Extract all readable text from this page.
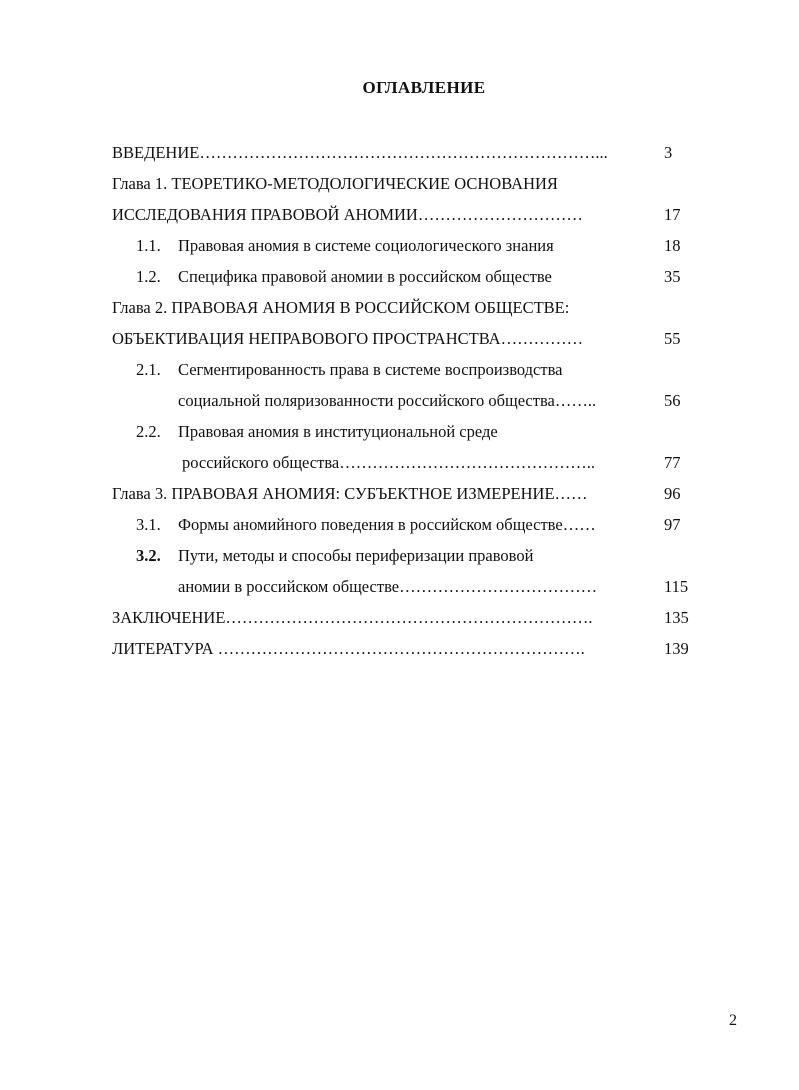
ОГЛАВЛЕНИЕ
ВВЕДЕНИЕ………………………………………………………………...	3
Глава 1. ТЕОРЕТИКО-МЕТОДОЛОГИЧЕСКИЕ ОСНОВАНИЯ
ИССЛЕДОВАНИЯ ПРАВОВОЙ АНОМИИ…………………………	17
1.1. Правовая аномия в системе социологического знания	18
1.2. Специфика правовой аномии в российском обществе	35
Глава 2. ПРАВОВАЯ АНОМИЯ В РОССИЙСКОМ ОБЩЕСТВЕ:
ОБЪЕКТИВАЦИЯ НЕПРАВОВОГО ПРОСТРАНСТВА……………	55
2.1. Сегментированность права в системе воспроизводства
социальной поляризованности российского общества……..	56
2.2. Правовая аномия в институциональной среде
российского общества………………………………………..	77
Глава 3. ПРАВОВАЯ АНОМИЯ: СУБЪЕКТНОЕ ИЗМЕРЕНИЕ……	96
3.1. Формы аномийного поведения в российском обществе……	97
3.2. Пути, методы и способы периферизации правовой
аномии в российском обществе………………………………	115
ЗАКЛЮЧЕНИЕ………………………………………………………….	135
ЛИТЕРАТУРА ………………………………………………………….	139
2
